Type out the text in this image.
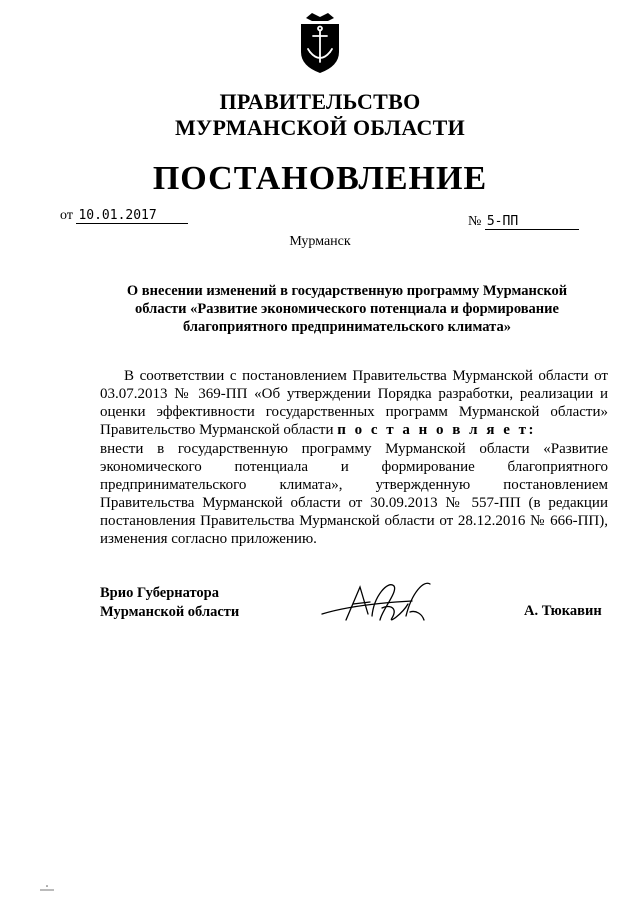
ПРАВИТЕЛЬСТВО
МУРМАНСКОЙ ОБЛАСТИ
ПОСТАНОВЛЕНИЕ
от 10.01.2017	№ 5-ПП
Мурманск
О внесении изменений в государственную программу Мурманской
области «Развитие экономического потенциала и формирование
благоприятного предпринимательского климата»
В соответствии с постановлением Правительства Мурманской области от 03.07.2013 № 369-ПП «Об утверждении Порядка разработки, реализации и оценки эффективности государственных программ Мурманской области» Правительство Мурманской области п о с т а н о в л я е т:
внести в государственную программу Мурманской области «Развитие экономического потенциала и формирование благоприятного предпринимательского климата», утвержденную постановлением Правительства Мурманской области от 30.09.2013 № 557-ПП (в редакции постановления Правительства Мурманской области от 28.12.2016 № 666-ПП), изменения согласно приложению.
Врио Губернатора
Мурманской области	А. Тюкавин
